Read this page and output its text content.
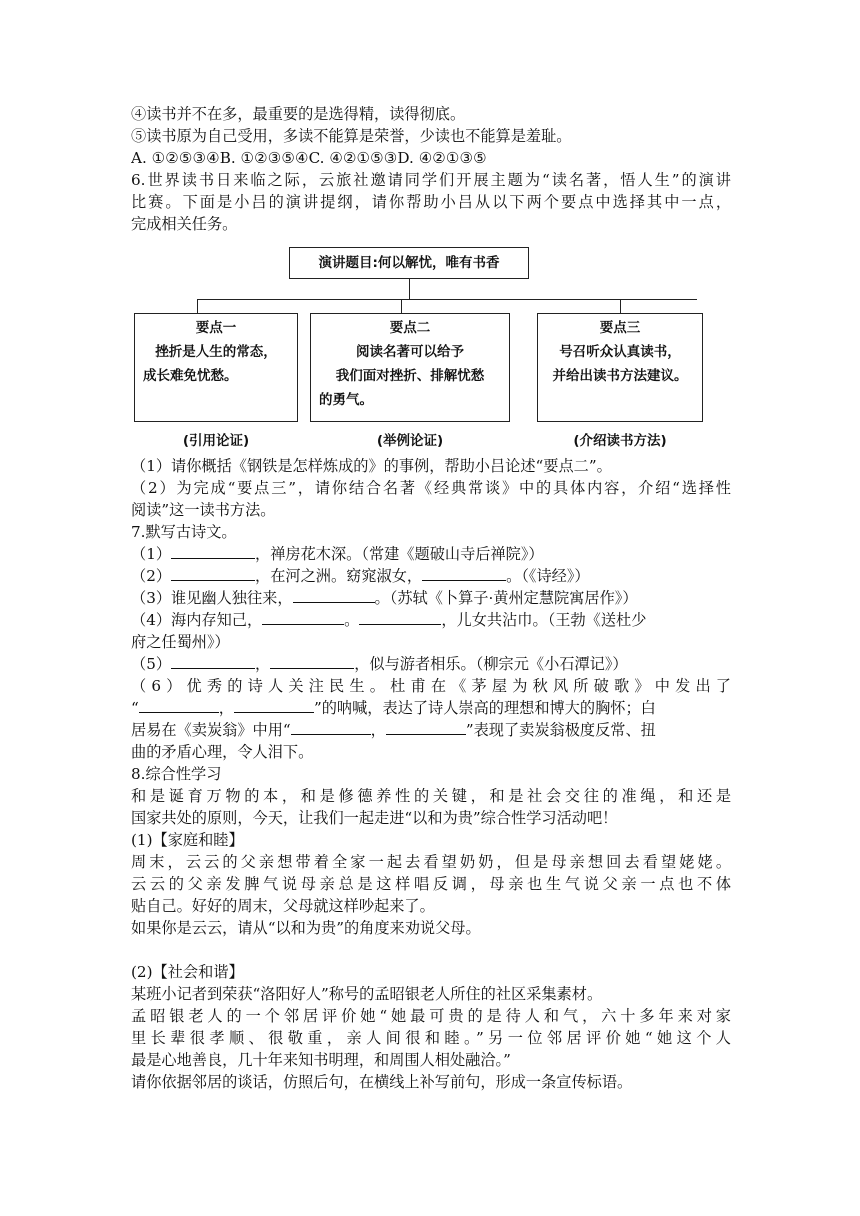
④读书并不在多，最重要的是选得精，读得彻底。
⑤读书原为自己受用，多读不能算是荣誉，少读也不能算是羞耻。
A. ①②⑤③④B. ①②③⑤④C. ④②①⑤③D. ④②①③⑤
6.世界读书日来临之际，云旅社邀请同学们开展主题为“读名著，悟人生”的演讲
比赛。下面是小吕的演讲提纲，请你帮助小吕从以下两个要点中选择其中一点，
完成相关任务。
演讲题目:何以解忧，唯有书香
要点一
挫折是人生的常态，
成长难免忧愁。
要点二
阅读名著可以给予
我们面对挫折、排解忧愁
的勇气。
要点三
号召听众认真读书，
并给出读书方法建议。
(引用论证)	(举例论证)	(介绍读书方法)
（1）请你概括《钢铁是怎样炼成的》的事例，帮助小吕论述“要点二”。
（2）为完成“要点三”，请你结合名著《经典常谈》中的具体内容，介绍“选择性
阅读”这一读书方法。
7.默写古诗文。
（1）	，禅房花木深。（常建《题破山寺后禅院》）
（2）	，在河之洲。窈窕淑女，	。（《诗经》）
（3）谁见幽人独往来，	。（苏轼《卜算子·黄州定慧院寓居作》）
（4）海内存知己，	。	，儿女共沾巾。（王勃《送杜少
府之任蜀州》）
（5）	，	，似与游者相乐。（柳宗元《小石潭记》）
（6）优秀的诗人关注民生。杜甫在《茅屋为秋风所破歌》中发出了
“	，	”的呐喊，表达了诗人崇高的理想和博大的胸怀；白
居易在《卖炭翁》中用“	，	”表现了卖炭翁极度反常、扭
曲的矛盾心理，令人泪下。
8.综合性学习
和是诞育万物的本，和是修德养性的关键，和是社会交往的准绳，和还是
国家共处的原则，今天，让我们一起走进“以和为贵”综合性学习活动吧！
(1)【家庭和睦】
周末，云云的父亲想带着全家一起去看望奶奶，但是母亲想回去看望姥姥。
云云的父亲发脾气说母亲总是这样唱反调，母亲也生气说父亲一点也不体
贴自己。好好的周末，父母就这样吵起来了。
如果你是云云，请从“以和为贵”的角度来劝说父母。
(2)【社会和谐】
某班小记者到荣获“洛阳好人”称号的孟昭银老人所住的社区采集素材。
孟昭银老人的一个邻居评价她“她最可贵的是待人和气，六十多年来对家
里长辈很孝顺、很敬重，亲人间很和睦。”另一位邻居评价她“她这个人
最是心地善良，几十年来知书明理，和周围人相处融洽。”
请你依据邻居的谈话，仿照后句，在横线上补写前句，形成一条宣传标语。
